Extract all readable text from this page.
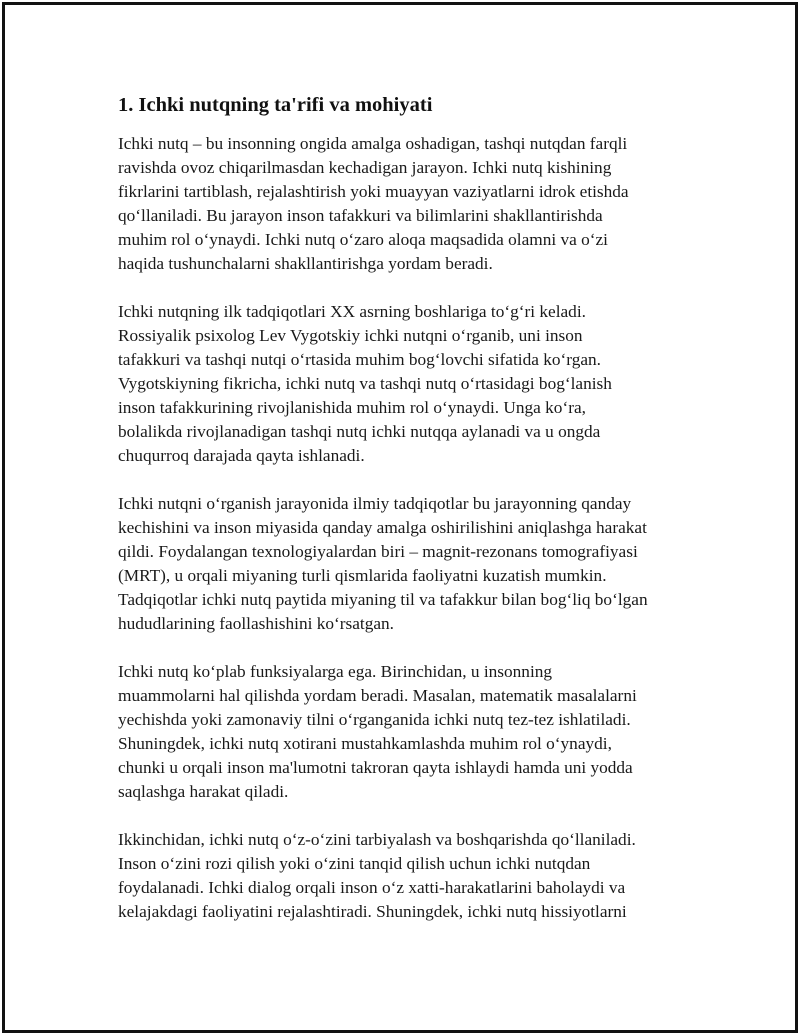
1. Ichki nutqning ta'rifi va mohiyati

Ichki nutq – bu insonning ongida amalga oshadigan, tashqi nutqdan farqli
ravishda ovoz chiqarilmasdan kechadigan jarayon. Ichki nutq kishining
fikrlarini tartiblash, rejalashtirish yoki muayyan vaziyatlarni idrok etishda
qo‘llaniladi. Bu jarayon inson tafakkuri va bilimlarini shakllantirishda
muhim rol o‘ynaydi. Ichki nutq o‘zaro aloqa maqsadida olamni va o‘zi
haqida tushunchalarni shakllantirishga yordam beradi.

Ichki nutqning ilk tadqiqotlari XX asrning boshlariga to‘g‘ri keladi.
Rossiyalik psixolog Lev Vygotskiy ichki nutqni o‘rganib, uni inson
tafakkuri va tashqi nutqi o‘rtasida muhim bog‘lovchi sifatida ko‘rgan.
Vygotskiyning fikricha, ichki nutq va tashqi nutq o‘rtasidagi bog‘lanish
inson tafakkurining rivojlanishida muhim rol o‘ynaydi. Unga ko‘ra,
bolalikda rivojlanadigan tashqi nutq ichki nutqqa aylanadi va u ongda
chuqurroq darajada qayta ishlanadi.

Ichki nutqni o‘rganish jarayonida ilmiy tadqiqotlar bu jarayonning qanday
kechishini va inson miyasida qanday amalga oshirilishini aniqlashga harakat
qildi. Foydalangan texnologiyalardan biri – magnit-rezonans tomografiyasi
(MRT), u orqali miyaning turli qismlarida faoliyatni kuzatish mumkin.
Tadqiqotlar ichki nutq paytida miyaning til va tafakkur bilan bog‘liq bo‘lgan
hududlarining faollashishini ko‘rsatgan.

Ichki nutq ko‘plab funksiyalarga ega. Birinchidan, u insonning
muammolarni hal qilishda yordam beradi. Masalan, matematik masalalarni
yechishda yoki zamonaviy tilni o‘rganganida ichki nutq tez-tez ishlatiladi.
Shuningdek, ichki nutq xotirani mustahkamlashda muhim rol o‘ynaydi,
chunki u orqali inson ma'lumotni takroran qayta ishlaydi hamda uni yodda
saqlashga harakat qiladi.

Ikkinchidan, ichki nutq o‘z-o‘zini tarbiyalash va boshqarishda qo‘llaniladi.
Inson o‘zini rozi qilish yoki o‘zini tanqid qilish uchun ichki nutqdan
foydalanadi. Ichki dialog orqali inson o‘z xatti-harakatlarini baholaydi va
kelajakdagi faoliyatini rejalashtiradi. Shuningdek, ichki nutq hissiyotlarni
